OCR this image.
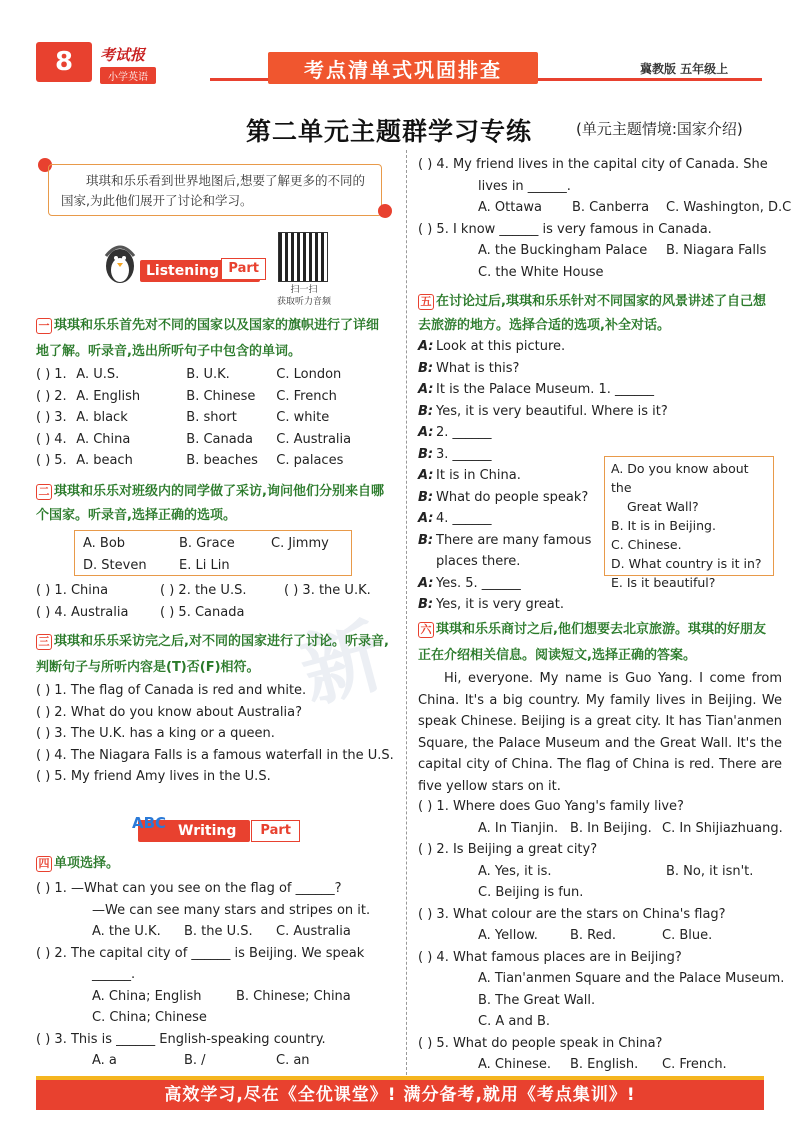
8	考试报
小学英语	考点清单式巩固排查	冀教版 五年级上
第二单元主题群学习专练	(单元主题情境:国家介绍)
新
琪琪和乐乐看到世界地图后,想要了解更多的不同的国家,为此他们展开了讨论和学习。
Listening Part
扫一扫
获取听力音频
一 琪琪和乐乐首先对不同的国家以及国家的旗帜进行了详细
地了解。听录音,选出所听句子中包含的单词。
( ) 1. A. U.S.	B. U.K.	C. London
( ) 2. A. English	B. Chinese C. French
( ) 3. A. black	B. short	C. white
( ) 4. A. China	B. Canada C. Australia
( ) 5. A. beach	B. beaches C. palaces
二 琪琪和乐乐对班级内的同学做了采访,询问他们分别来自哪
个国家。听录音,选择正确的选项。
A. Bob	B. Grace	C. Jimmy
D. Steven E. Li Lin
( ) 1. China	( ) 2. the U.S.	( ) 3. the U.K.
( ) 4. Australia ( ) 5. Canada
三 琪琪和乐乐采访完之后,对不同的国家进行了讨论。听录音,
判断句子与所听内容是(T)否(F)相符。
( ) 1. The flag of Canada is red and white.
( ) 2. What do you know about Australia?
( ) 3. The U.K. has a king or a queen.
( ) 4. The Niagara Falls is a famous waterfall in the U.S.
( ) 5. My friend Amy lives in the U.S.
Writing	Part
ABC
四 单项选择。
( ) 1. —What can you see on the flag of ______?
—We can see many stars and stripes on it.
A. the U.K. B. the U.S. C. Australia
( ) 2. The capital city of ______ is Beijing. We speak
______.
A. China; English	B. Chinese; China
C. China; Chinese
( ) 3. This is ______ English-speaking country.
A. a	B. /	C. an
( ) 4. My friend lives in the capital city of Canada. She
lives in ______.
A. Ottawa B. Canberra C. Washington, D.C
( ) 5. I know ______ is very famous in Canada.
A. the Buckingham Palace B. Niagara Falls
C. the White House
五 在讨论过后,琪琪和乐乐针对不同国家的风景讲述了自己想
去旅游的地方。选择合适的选项,补全对话。
A: Look at this picture.
B: What is this?
A: It is the Palace Museum. 1. ______
B: Yes, it is very beautiful. Where is it?
A: 2. ______
B: 3. ______
A: It is in China.
B: What do people speak?
A: 4. ______
B: There are many famous
places there.
A: Yes. 5. ______
B: Yes, it is very great.
A. Do you know about the
Great Wall?
B. It is in Beijing.
C. Chinese.
D. What country is it in?
E. Is it beautiful?
六 琪琪和乐乐商讨之后,他们想要去北京旅游。琪琪的好朋友
正在介绍相关信息。阅读短文,选择正确的答案。
Hi, everyone. My name is Guo Yang. I come from China. It's a big country. My family lives in Beijing. We speak Chinese. Beijing is a great city. It has Tian'anmen Square, the Palace Museum and the Great Wall. It's the capital city of China. The flag of China is red. There are five yellow stars on it.
( ) 1. Where does Guo Yang's family live?
A. In Tianjin. B. In Beijing. C. In Shijiazhuang.
( ) 2. Is Beijing a great city?
A. Yes, it is.	B. No, it isn't.
C. Beijing is fun.
( ) 3. What colour are the stars on China's flag?
A. Yellow. B. Red.	C. Blue.
( ) 4. What famous places are in Beijing?
A. Tian'anmen Square and the Palace Museum.
B. The Great Wall.
C. A and B.
( ) 5. What do people speak in China?
A. Chinese. B. English. C. French.
高效学习,尽在《全优课堂》! 满分备考,就用《考点集训》!
